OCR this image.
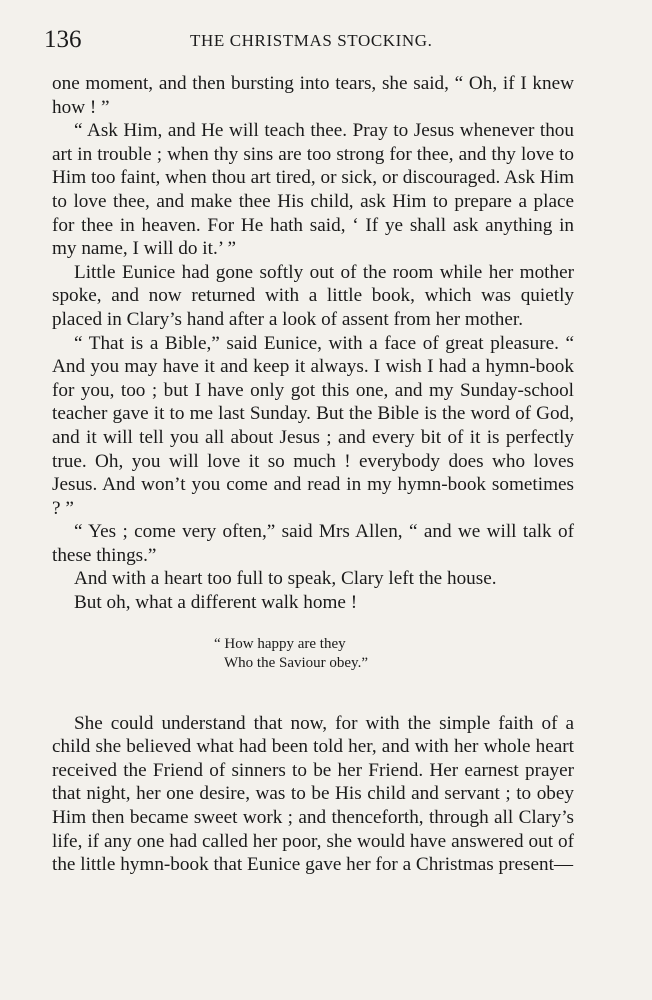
136	THE CHRISTMAS STOCKING.

one moment, and then bursting into tears, she said, “ Oh, if I knew how ! ”

“ Ask Him, and He will teach thee. Pray to Jesus whenever thou art in trouble ; when thy sins are too strong for thee, and thy love to Him too faint, when thou art tired, or sick, or discouraged. Ask Him to love thee, and make thee His child, ask Him to prepare a place for thee in heaven. For He hath said, ‘ If ye shall ask anything in my name, I will do it.’ ”

Little Eunice had gone softly out of the room while her mother spoke, and now returned with a little book, which was quietly placed in Clary’s hand after a look of assent from her mother.

“ That is a Bible,” said Eunice, with a face of great pleasure. “ And you may have it and keep it always. I wish I had a hymn-book for you, too ; but I have only got this one, and my Sunday-school teacher gave it to me last Sunday. But the Bible is the word of God, and it will tell you all about Jesus ; and every bit of it is perfectly true. Oh, you will love it so much ! everybody does who loves Jesus. And won’t you come and read in my hymn-book sometimes ? ”

“ Yes ; come very often,” said Mrs Allen, “ and we will talk of these things.”

And with a heart too full to speak, Clary left the house.

But oh, what a different walk home !

“ How happy are they
Who the Saviour obey.”

She could understand that now, for with the simple faith of a child she believed what had been told her, and with her whole heart received the Friend of sinners to be her Friend. Her earnest prayer that night, her one desire, was to be His child and servant ; to obey Him then became sweet work ; and thenceforth, through all Clary’s life, if any one had called her poor, she would have answered out of the little hymn-book that Eunice gave her for a Christmas present—
